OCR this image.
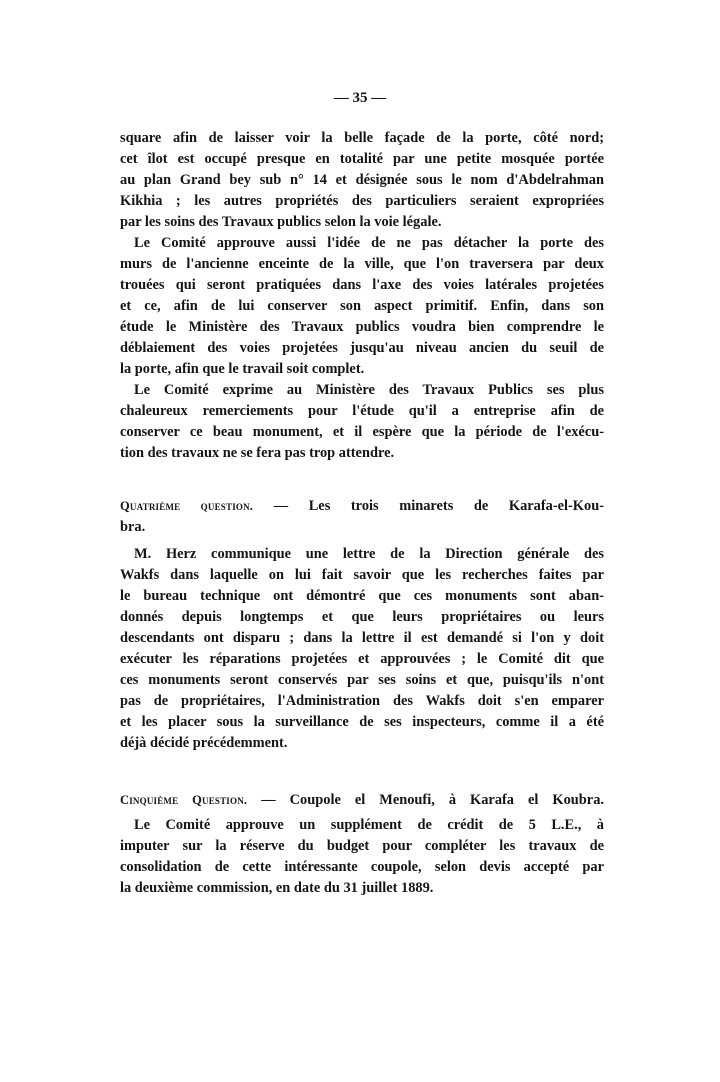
— 35 —
square afin de laisser voir la belle façade de la porte, côté nord;
cet îlot est occupé presque en totalité par une petite mosquée portée
au plan Grand bey sub n° 14 et désignée sous le nom d'Abdelrahman
Kikhia ; les autres propriétés des particuliers seraient expropriées
par les soins des Travaux publics selon la voie légale.
Le Comité approuve aussi l'idée de ne pas détacher la porte des
murs de l'ancienne enceinte de la ville, que l'on traversera par deux
trouées qui seront pratiquées dans l'axe des voies latérales projetées
et ce, afin de lui conserver son aspect primitif. Enfin, dans son
étude le Ministère des Travaux publics voudra bien comprendre le
déblaiement des voies projetées jusqu'au niveau ancien du seuil de
la porte, afin que le travail soit complet.
Le Comité exprime au Ministère des Travaux Publics ses plus
chaleureux remerciements pour l'étude qu'il a entreprise afin de
conserver ce beau monument, et il espère que la période de l'exécu-
tion des travaux ne se fera pas trop attendre.
Quatrième question. — Les trois minarets de Karafa-el-Kou-
bra.
M. Herz communique une lettre de la Direction générale des
Wakfs dans laquelle on lui fait savoir que les recherches faites par
le bureau technique ont démontré que ces monuments sont aban-
donnés depuis longtemps et que leurs propriétaires ou leurs
descendants ont disparu ; dans la lettre il est demandé si l'on y doit
exécuter les réparations projetées et approuvées ; le Comité dit que
ces monuments seront conservés par ses soins et que, puisqu'ils n'ont
pas de propriétaires, l'Administration des Wakfs doit s'en emparer
et les placer sous la surveillance de ses inspecteurs, comme il a été
déjà décidé précédemment.
Cinquième Question. — Coupole el Menoufi, à Karafa el Koubra.
Le Comité approuve un supplément de crédit de 5 L.E., à
imputer sur la réserve du budget pour compléter les travaux de
consolidation de cette intéressante coupole, selon devis accepté par
la deuxième commission, en date du 31 juillet 1889.
